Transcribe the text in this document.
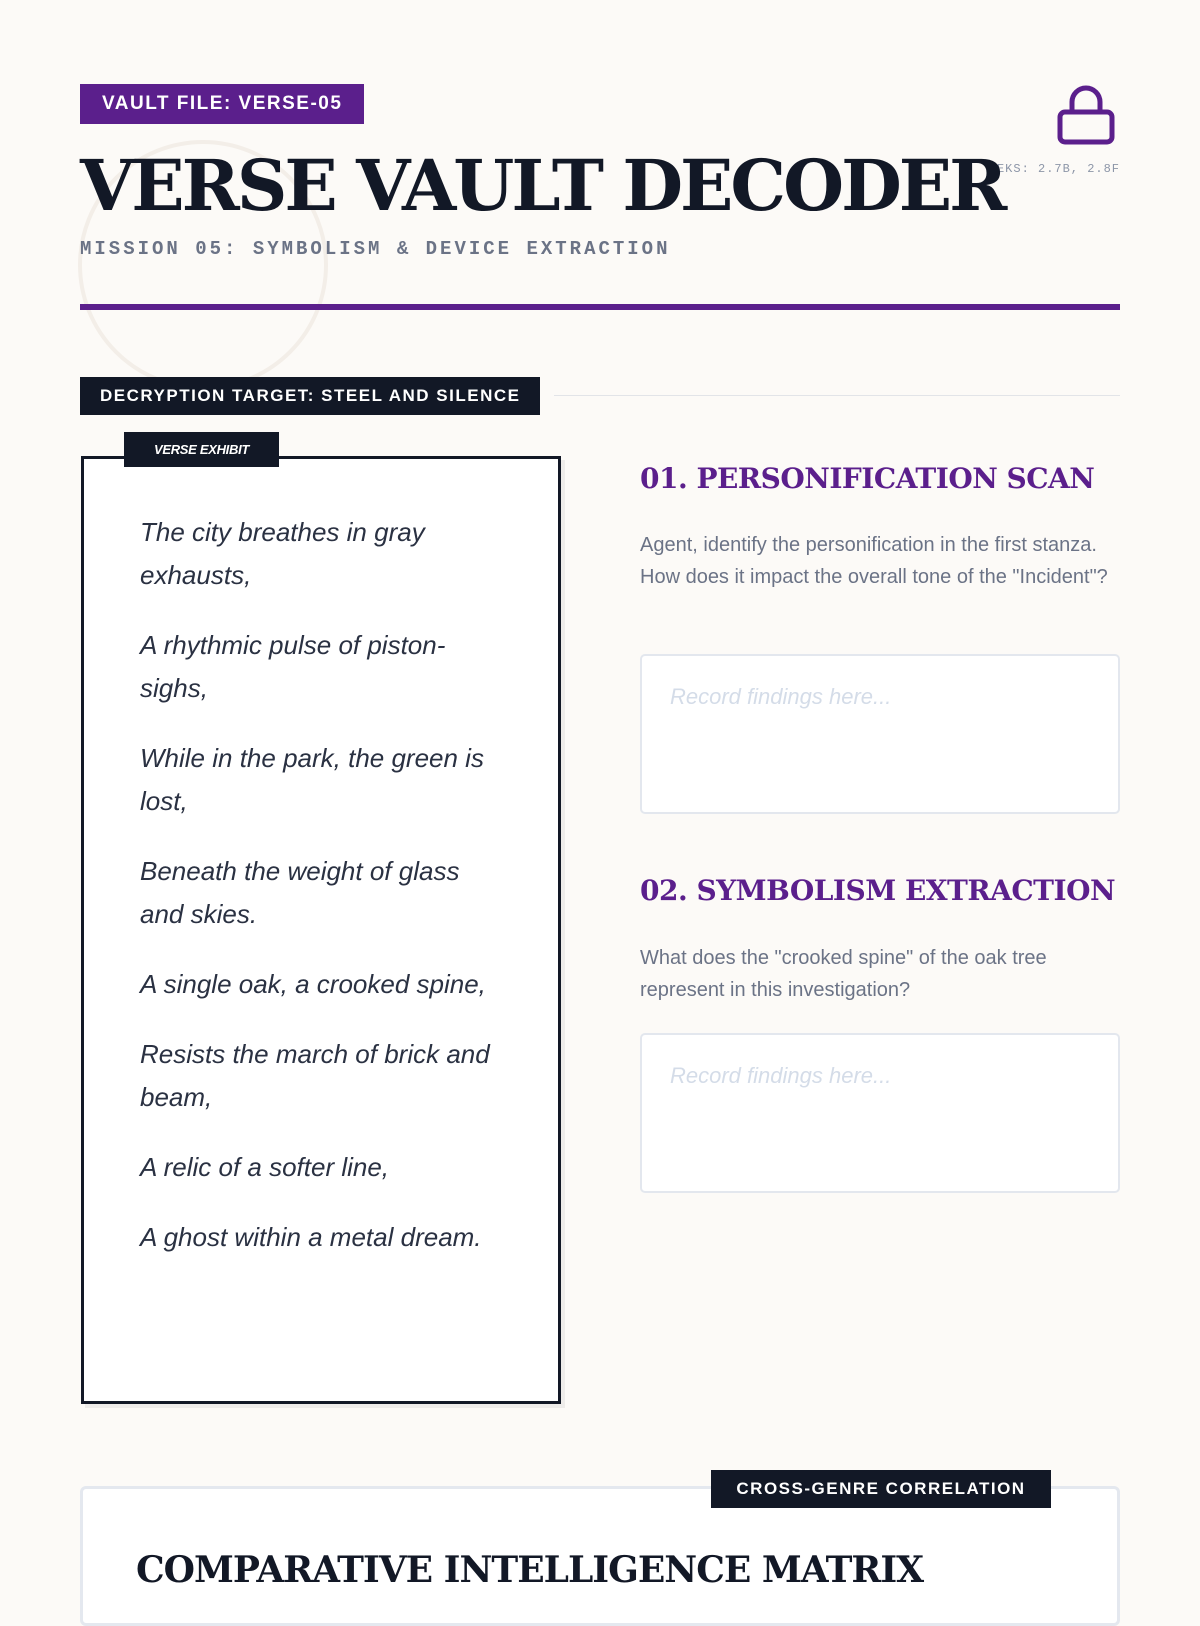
VAULT FILE: VERSE-05
TEKS: 2.7B, 2.8F
VERSE VAULT DECODER
MISSION 05: SYMBOLISM & DEVICE EXTRACTION
DECRYPTION TARGET: STEEL AND SILENCE

The city breathes in gray exhausts,

A rhythmic pulse of piston-sighs,

While in the park, the green is lost,

Beneath the weight of glass and skies.

A single oak, a crooked spine,

Resists the march of brick and beam,

A relic of a softer line,

A ghost within a metal dream.

VERSE EXHIBIT
01. PERSONIFICATION SCAN

Agent, identify the personification in the first stanza. How does it impact the overall tone of the "Incident"?

Record findings here...
02. SYMBOLISM EXTRACTION

What does the "crooked spine" of the oak tree represent in this investigation?

Record findings here...
CROSS-GENRE CORRELATION
COMPARATIVE INTELLIGENCE MATRIX
